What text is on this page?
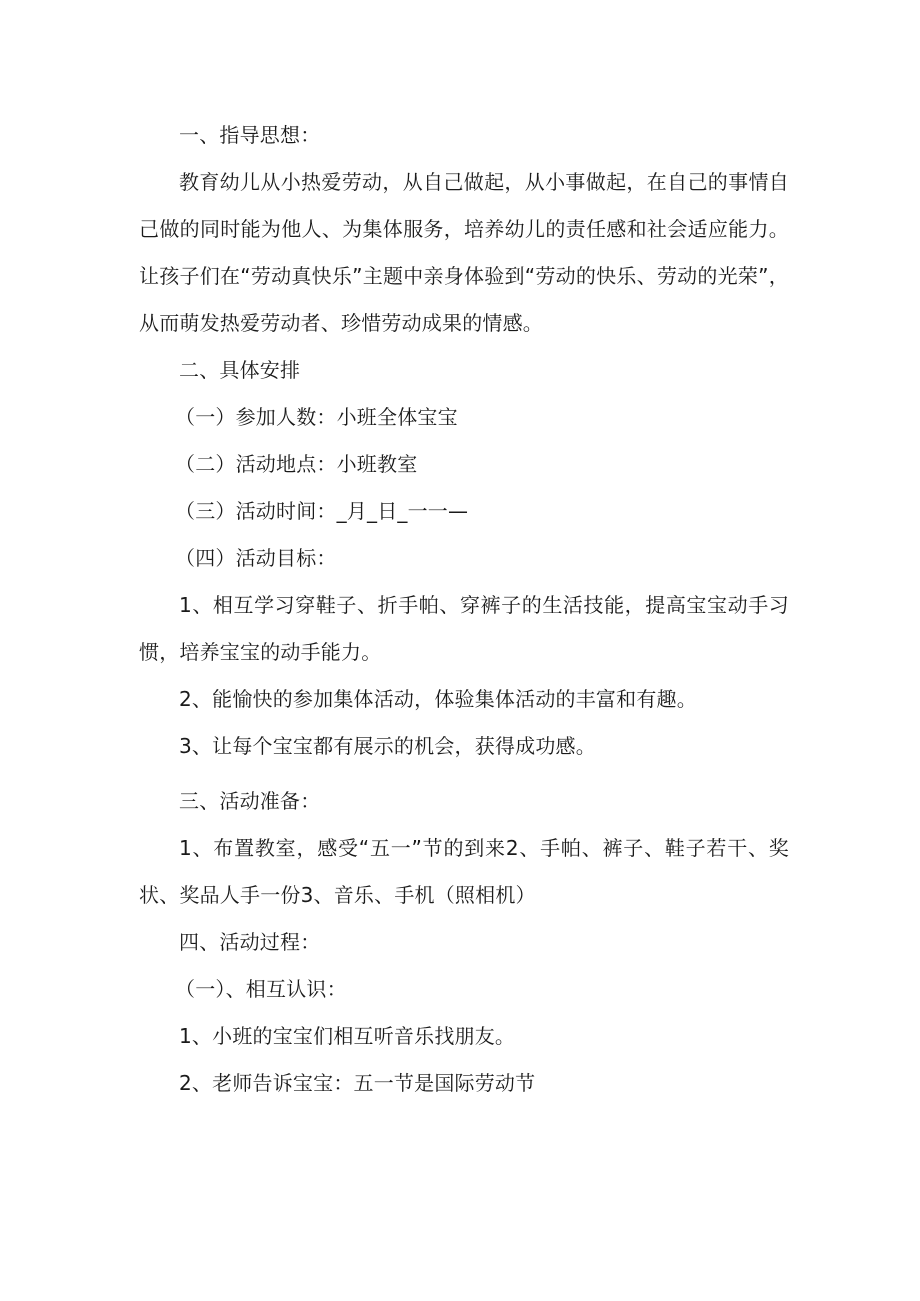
一、指导思想：

教育幼儿从小热爱劳动，从自己做起，从小事做起，在自己的事情自己做的同时能为他人、为集体服务，培养幼儿的责任感和社会适应能力。让孩子们在“劳动真快乐”主题中亲身体验到“劳动的快乐、劳动的光荣”，从而萌发热爱劳动者、珍惜劳动成果的情感。

二、具体安排

（一）参加人数：小班全体宝宝

（二）活动地点：小班教室

（三）活动时间：_月_日_一一—

（四）活动目标：

1、相互学习穿鞋子、折手帕、穿裤子的生活技能，提高宝宝动手习惯，培养宝宝的动手能力。

2、能愉快的参加集体活动，体验集体活动的丰富和有趣。

3、让每个宝宝都有展示的机会，获得成功感。

三、活动准备：

1、布置教室，感受“五一”节的到来2、手帕、裤子、鞋子若干、奖状、奖品人手一份3、音乐、手机（照相机）

四、活动过程：

（一）、相互认识：

1、小班的宝宝们相互听音乐找朋友。

2、老师告诉宝宝：五一节是国际劳动节
